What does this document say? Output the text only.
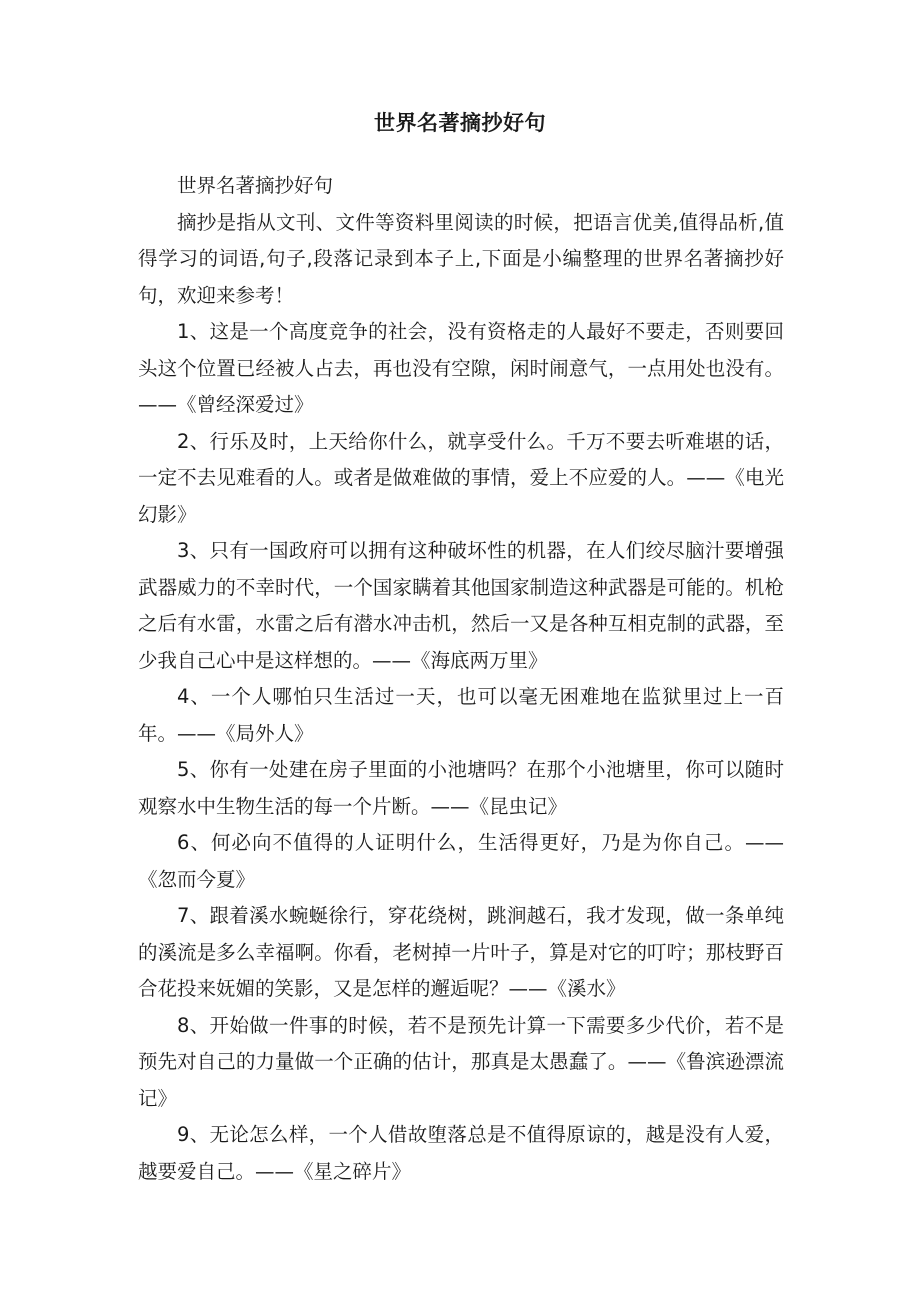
世界名著摘抄好句

世界名著摘抄好句

摘抄是指从文刊、文件等资料里阅读的时候，把语言优美,值得品析,值得学习的词语,句子,段落记录到本子上,下面是小编整理的世界名著摘抄好句，欢迎来参考！

1、这是一个高度竞争的社会，没有资格走的人最好不要走，否则要回头这个位置已经被人占去，再也没有空隙，闲时闹意气，一点用处也没有。——《曾经深爱过》

2、行乐及时，上天给你什么，就享受什么。千万不要去听难堪的话，一定不去见难看的人。或者是做难做的事情，爱上不应爱的人。——《电光幻影》

3、只有一国政府可以拥有这种破坏性的机器，在人们绞尽脑汁要增强武器威力的不幸时代，一个国家瞒着其他国家制造这种武器是可能的。机枪之后有水雷，水雷之后有潜水冲击机，然后一又是各种互相克制的武器，至少我自己心中是这样想的。——《海底两万里》

4、一个人哪怕只生活过一天，也可以毫无困难地在监狱里过上一百年。——《局外人》

5、你有一处建在房子里面的小池塘吗？在那个小池塘里，你可以随时观察水中生物生活的每一个片断。——《昆虫记》

6、何必向不值得的人证明什么，生活得更好，乃是为你自己。——《忽而今夏》

7、跟着溪水蜿蜒徐行，穿花绕树，跳涧越石，我才发现，做一条单纯的溪流是多么幸福啊。你看，老树掉一片叶子，算是对它的叮咛；那枝野百合花投来妩媚的笑影，又是怎样的邂逅呢？——《溪水》

8、开始做一件事的时候，若不是预先计算一下需要多少代价，若不是预先对自己的力量做一个正确的估计，那真是太愚蠢了。——《鲁滨逊漂流记》

9、无论怎么样，一个人借故堕落总是不值得原谅的，越是没有人爱，越要爱自己。——《星之碎片》
